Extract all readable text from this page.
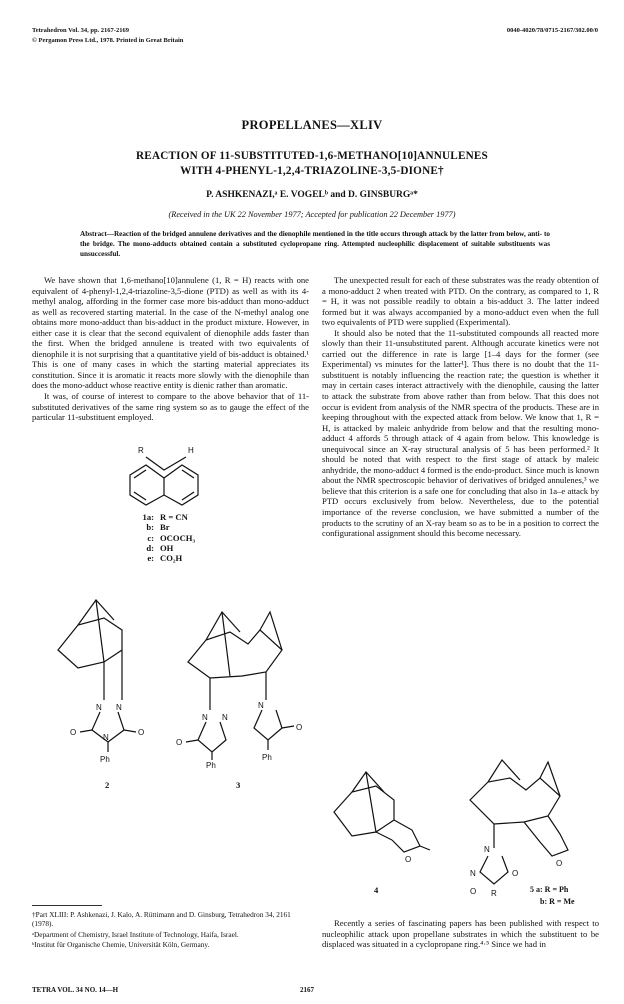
Tetrahedron Vol. 34, pp. 2167-2169
© Pergamon Press Ltd., 1978. Printed in Great Britain
0040-4020/78/0715-2167/302.00/0
PROPELLANES—XLIV
REACTION OF 11-SUBSTITUTED-1,6-METHANO[10]ANNULENES
WITH 4-PHENYL-1,2,4-TRIAZOLINE-3,5-DIONE†
P. ASHKENAZI,ᵃ E. VOGELᵇ and D. GINSBURGᵃ*
(Received in the UK 22 November 1977; Accepted for publication 22 December 1977)
Abstract—Reaction of the bridged annulene derivatives and the dienophile mentioned in the title occurs through attack by the latter from below, anti- to the bridge. The mono-adducts obtained contain a substituted cyclopropane ring. Attempted nucleophilic displacement of suitable substituents was unsuccessful.

We have shown that 1,6-methano[10]annulene (1, R = H) reacts with one equivalent of 4-phenyl-1,2,4-triazoline-3,5-dione (PTD) as well as with its 4-methyl analog, affording in the former case more bis-adduct than mono-adduct as well as recovered starting material. In the case of the N-methyl analog one obtains more mono-adduct than bis-adduct in the product mixture. However, in either case it is clear that the second equivalent of dienophile adds faster than the first. When the bridged annulene is treated with two equivalents of dienophile it is not surprising that a quantitative yield of bis-adduct is obtained.¹ This is one of many cases in which the starting material appreciates its constitution. Since it is aromatic it reacts more slowly with the dienophile than does the mono-adduct whose reactive entity is dienic rather than aromatic.

It was, of course of interest to compare to the above behavior that of 11-substituted derivatives of the same ring system so as to gauge the effect of the particular 11-substituent employed.

R	H
1a: R = CN
b: Br
c: OCOCH₃
d: OH
e: CO₂H
N N
O	O
N
Ph
N N
O
Ph
N
O
Ph
2	3

The unexpected result for each of these substrates was the ready obtention of a mono-adduct 2 when treated with PTD. On the contrary, as compared to 1, R = H, it was not possible readily to obtain a bis-adduct 3. The latter indeed formed but it was always accompanied by a mono-adduct even when the full two equivalents of PTD were supplied (Experimental).

It should also be noted that the 11-substituted compounds all reacted more slowly than their 11-unsubstituted parent. Although accurate kinetics were not carried out the difference in rate is large [1–4 days for the former (see Experimental) vs minutes for the latter¹]. Thus there is no doubt that the 11-substituent is notably influencing the reaction rate; the question is whether it may in certain cases interact attractively with the dienophile, causing the latter to attack the substrate from above rather than from below. That this does not occur is evident from analysis of the NMR spectra of the products. These are in keeping throughout with the expected attack from below. We know that 1, R = H, is attacked by maleic anhydride from below and that the resulting mono-adduct 4 affords 5 through attack of 4 again from below. This knowledge is unequivocal since an X-ray structural analysis of 5 has been performed.² It should be noted that with respect to the first stage of attack by maleic anhydride, the mono-adduct 4 formed is the endo-product. Since much is known about the NMR spectroscopic behavior of derivatives of bridged annulenes,³ we believe that this criterion is a safe one for concluding that also in 1a–e attack by PTD occurs exclusively from below. Nevertheless, due to the potential importance of the reverse conclusion, we have submitted a number of the products to the scrutiny of an X-ray beam so as to be in a position to correct the configurational assignment should this become necessary.

O
N
N	O
O R
O
4	5 a: R = Ph
b: R = Me

Recently a series of fascinating papers has been published with respect to nucleophilic attack upon propellane substrates in which the substituent to be displaced was situated in a cyclopropane ring.⁴·⁵ Since we had in

†Part XLIII: P. Ashkenazi, J. Kalo, A. Rüttimann and D. Ginsburg, Tetrahedron 34, 2161 (1978).

ᵃDepartment of Chemistry, Israel Institute of Technology, Haifa, Israel.

ᵇInstitut für Organische Chemie, Universität Köln, Germany.

TETRA VOL. 34 NO. 14—H	2167
